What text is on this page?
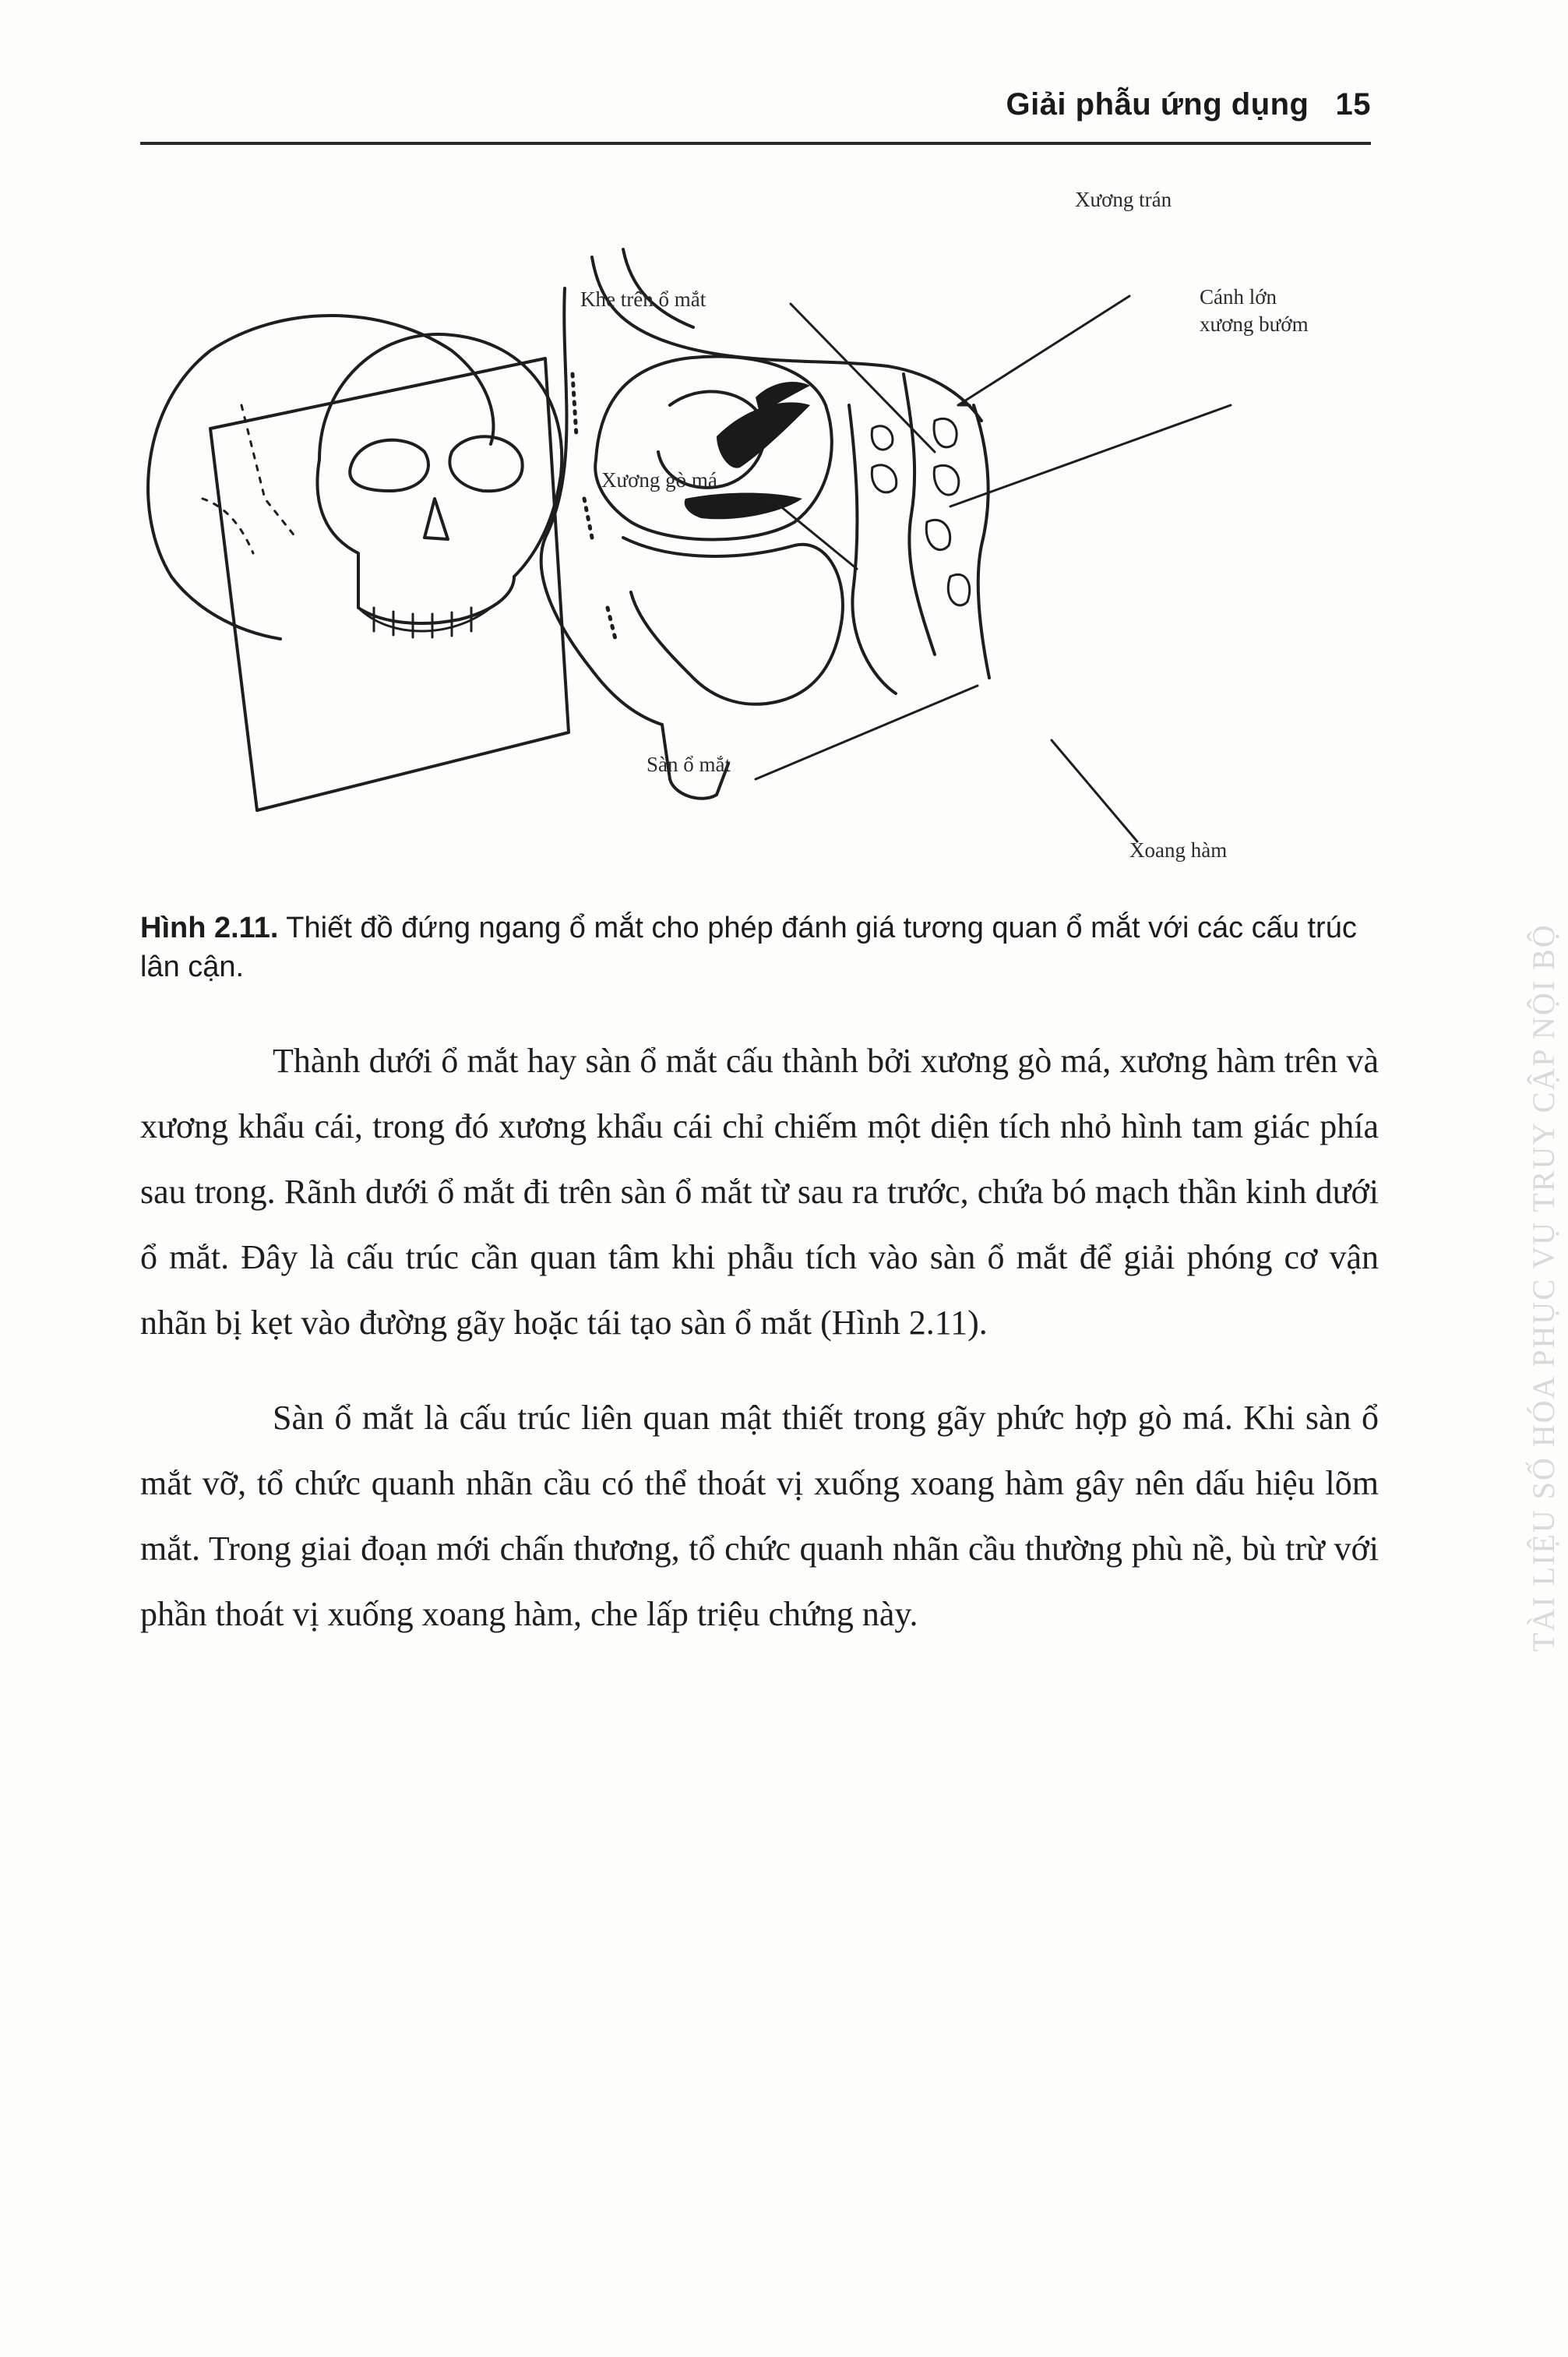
Giải phẫu ứng dụng 15
Xương trán
Khe trên ổ mắt	Cánh lớn
xương bướm
Xương gò má
Sàn ổ mắt
Xoang hàm
Hình 2.11. Thiết đồ đứng ngang ổ mắt cho phép đánh giá tương quan ổ mắt với các cấu trúc lân cận.

Thành dưới ổ mắt hay sàn ổ mắt cấu thành bởi xương gò má, xương hàm trên và xương khẩu cái, trong đó xương khẩu cái chỉ chiếm một diện tích nhỏ hình tam giác phía sau trong. Rãnh dưới ổ mắt đi trên sàn ổ mắt từ sau ra trước, chứa bó mạch thần kinh dưới ổ mắt. Đây là cấu trúc cần quan tâm khi phẫu tích vào sàn ổ mắt để giải phóng cơ vận nhãn bị kẹt vào đường gãy hoặc tái tạo sàn ổ mắt (Hình 2.11).

Sàn ổ mắt là cấu trúc liên quan mật thiết trong gãy phức hợp gò má. Khi sàn ổ mắt vỡ, tổ chức quanh nhãn cầu có thể thoát vị xuống xoang hàm gây nên dấu hiệu lõm mắt. Trong giai đoạn mới chấn thương, tổ chức quanh nhãn cầu thường phù nề, bù trừ với phần thoát vị xuống xoang hàm, che lấp triệu chứng này.	TÀI LIỆU SỐ HÓA PHỤC VỤ TRUY CẬP NỘI BỘ
